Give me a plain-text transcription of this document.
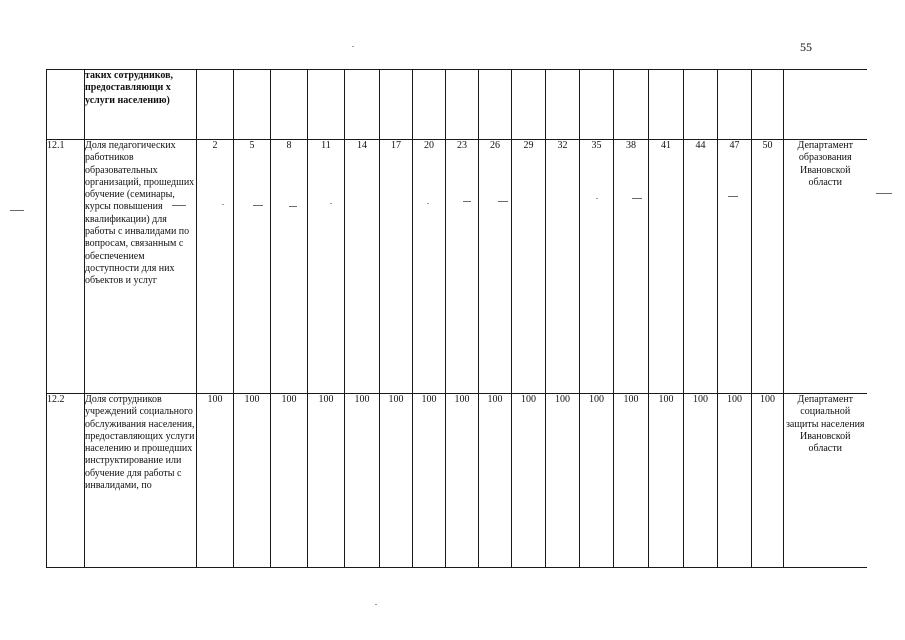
55
	таких сотрудников, предоставляющи х услуги населению)																		
12.1	Доля педагогических работников образовательных организаций, прошедших обучение (семинары, курсы повышения квалификации) для работы с инвалидами по вопросам, связанным с обеспечением доступности для них объектов и услуг	2	5	8	11	14	17	20	23	26	29	32	35	38	41	44	47	50	Департамент образования Ивановской области
12.2	Доля сотрудников учреждений социального обслуживания населения, предоставляющих услуги населению и прошедших инструктирование или обучение для работы с инвалидами, по	100	100	100	100	100	100	100	100	100	100	100	100	100	100	100	100	100	Департамент социальной защиты населения Ивановской области
